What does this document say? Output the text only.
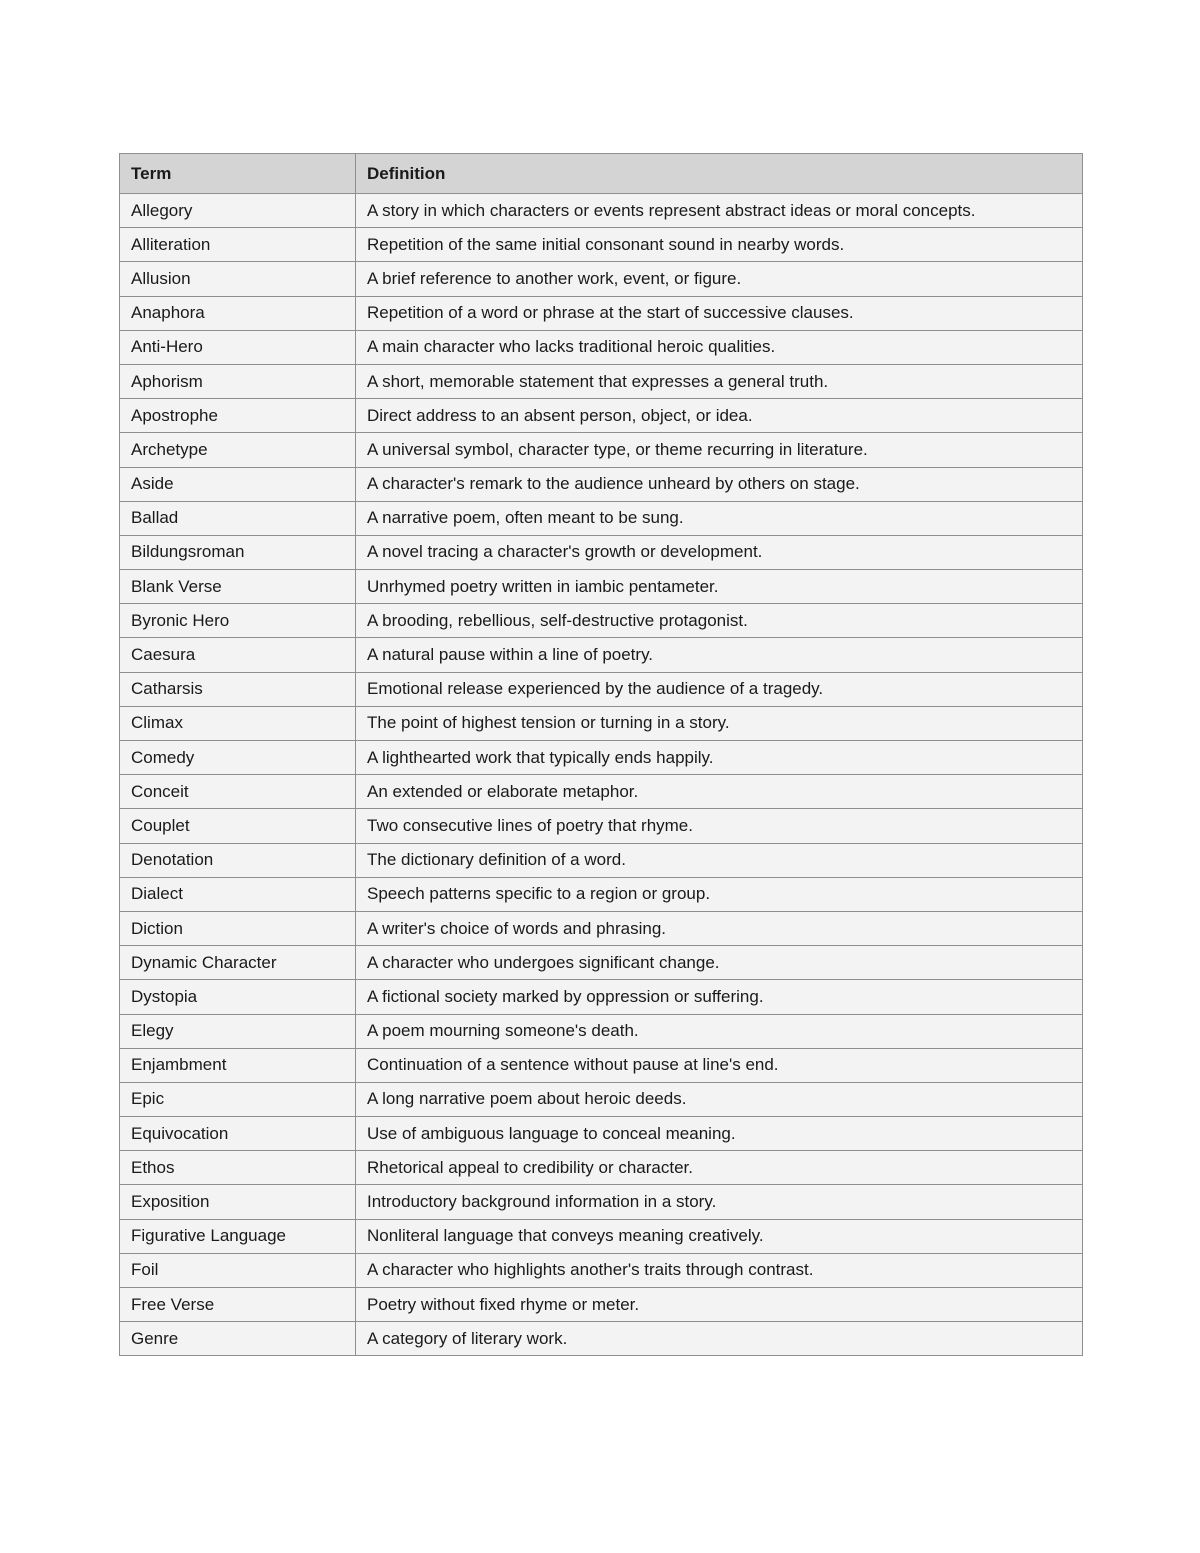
Term	Definition
Allegory	A story in which characters or events represent abstract ideas or moral concepts.
Alliteration	Repetition of the same initial consonant sound in nearby words.
Allusion	A brief reference to another work, event, or figure.
Anaphora	Repetition of a word or phrase at the start of successive clauses.
Anti-Hero	A main character who lacks traditional heroic qualities.
Aphorism	A short, memorable statement that expresses a general truth.
Apostrophe	Direct address to an absent person, object, or idea.
Archetype	A universal symbol, character type, or theme recurring in literature.
Aside	A character's remark to the audience unheard by others on stage.
Ballad	A narrative poem, often meant to be sung.
Bildungsroman	A novel tracing a character's growth or development.
Blank Verse	Unrhymed poetry written in iambic pentameter.
Byronic Hero	A brooding, rebellious, self-destructive protagonist.
Caesura	A natural pause within a line of poetry.
Catharsis	Emotional release experienced by the audience of a tragedy.
Climax	The point of highest tension or turning in a story.
Comedy	A lighthearted work that typically ends happily.
Conceit	An extended or elaborate metaphor.
Couplet	Two consecutive lines of poetry that rhyme.
Denotation	The dictionary definition of a word.
Dialect	Speech patterns specific to a region or group.
Diction	A writer's choice of words and phrasing.
Dynamic Character	A character who undergoes significant change.
Dystopia	A fictional society marked by oppression or suffering.
Elegy	A poem mourning someone's death.
Enjambment	Continuation of a sentence without pause at line's end.
Epic	A long narrative poem about heroic deeds.
Equivocation	Use of ambiguous language to conceal meaning.
Ethos	Rhetorical appeal to credibility or character.
Exposition	Introductory background information in a story.
Figurative Language	Nonliteral language that conveys meaning creatively.
Foil	A character who highlights another's traits through contrast.
Free Verse	Poetry without fixed rhyme or meter.
Genre	A category of literary work.
